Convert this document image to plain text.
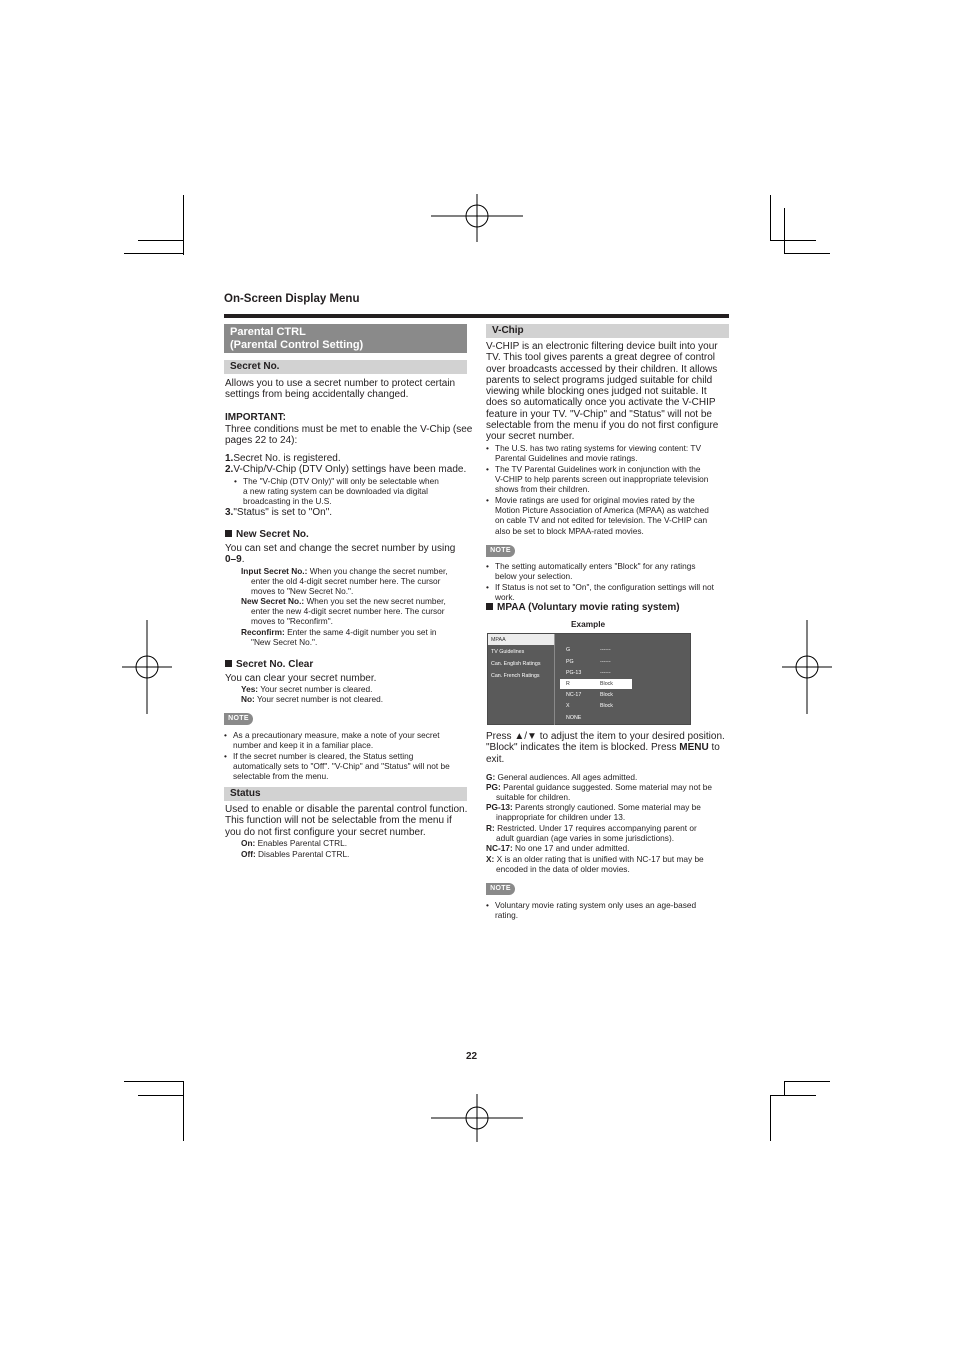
On-Screen Display Menu
Parental CTRL
(Parental Control Setting)
Secret No.
Allows you to use a secret number to protect certain
settings from being accidentally changed.
IMPORTANT:
Three conditions must be met to enable the V-Chip (see
pages 22 to 24):
1.Secret No. is registered.
2.V-Chip/V-Chip (DTV Only) settings have been made.
• The "V-Chip (DTV Only)" will only be selectable when
a new rating system can be downloaded via digital
broadcasting in the U.S.
3."Status" is set to "On".
New Secret No.
You can set and change the secret number by using
0–9.
Input Secret No.: When you change the secret number,
enter the old 4-digit secret number here. The cursor
moves to "New Secret No.".
New Secret No.: When you set the new secret number,
enter the new 4-digit secret number here. The cursor
moves to "Reconfirm".
Reconfirm: Enter the same 4-digit number you set in
"New Secret No.".
Secret No. Clear
You can clear your secret number.
Yes: Your secret number is cleared.
No: Your secret number is not cleared.
NOTE
• As a precautionary measure, make a note of your secret
number and keep it in a familiar place.
• If the secret number is cleared, the Status setting
automatically sets to "Off". "V-Chip" and "Status" will not be
selectable from the menu.
Status
Used to enable or disable the parental control function.
This function will not be selectable from the menu if
you do not first configure your secret number.
On: Enables Parental CTRL.
Off: Disables Parental CTRL.
V-Chip
V-CHIP is an electronic filtering device built into your
TV. This tool gives parents a great degree of control
over broadcasts accessed by their children. It allows
parents to select programs judged suitable for child
viewing while blocking ones judged not suitable. It
does so automatically once you activate the V-CHIP
feature in your TV. "V-Chip" and "Status" will not be
selectable from the menu if you do not first configure
your secret number.
• The U.S. has two rating systems for viewing content: TV
Parental Guidelines and movie ratings.
• The TV Parental Guidelines work in conjunction with the
V-CHIP to help parents screen out inappropriate television
shows from their children.
• Movie ratings are used for original movies rated by the
Motion Picture Association of America (MPAA) as watched
on cable TV and not edited for television. The V-CHIP can
also be set to block MPAA-rated movies.
NOTE
• The setting automatically enters "Block" for any ratings
below your selection.
• If Status is not set to "On", the configuration settings will not
work.
MPAA (Voluntary movie rating system)
Example
MPAA
TV Guidelines
Can. English Ratings
Can. French Ratings
G	------
PG	------
PG-13	------
R	Block
NC-17	Block
X	Block
NONE
Press ▲/▼ to adjust the item to your desired position.
"Block" indicates the item is blocked. Press MENU to
exit.
G: General audiences. All ages admitted.
PG: Parental guidance suggested. Some material may not be
suitable for children.
PG-13: Parents strongly cautioned. Some material may be
inappropriate for children under 13.
R: Restricted. Under 17 requires accompanying parent or
adult guardian (age varies in some jurisdictions).
NC-17: No one 17 and under admitted.
X: X is an older rating that is unified with NC-17 but may be
encoded in the data of older movies.
NOTE
• Voluntary movie rating system only uses an age-based
rating.
22
